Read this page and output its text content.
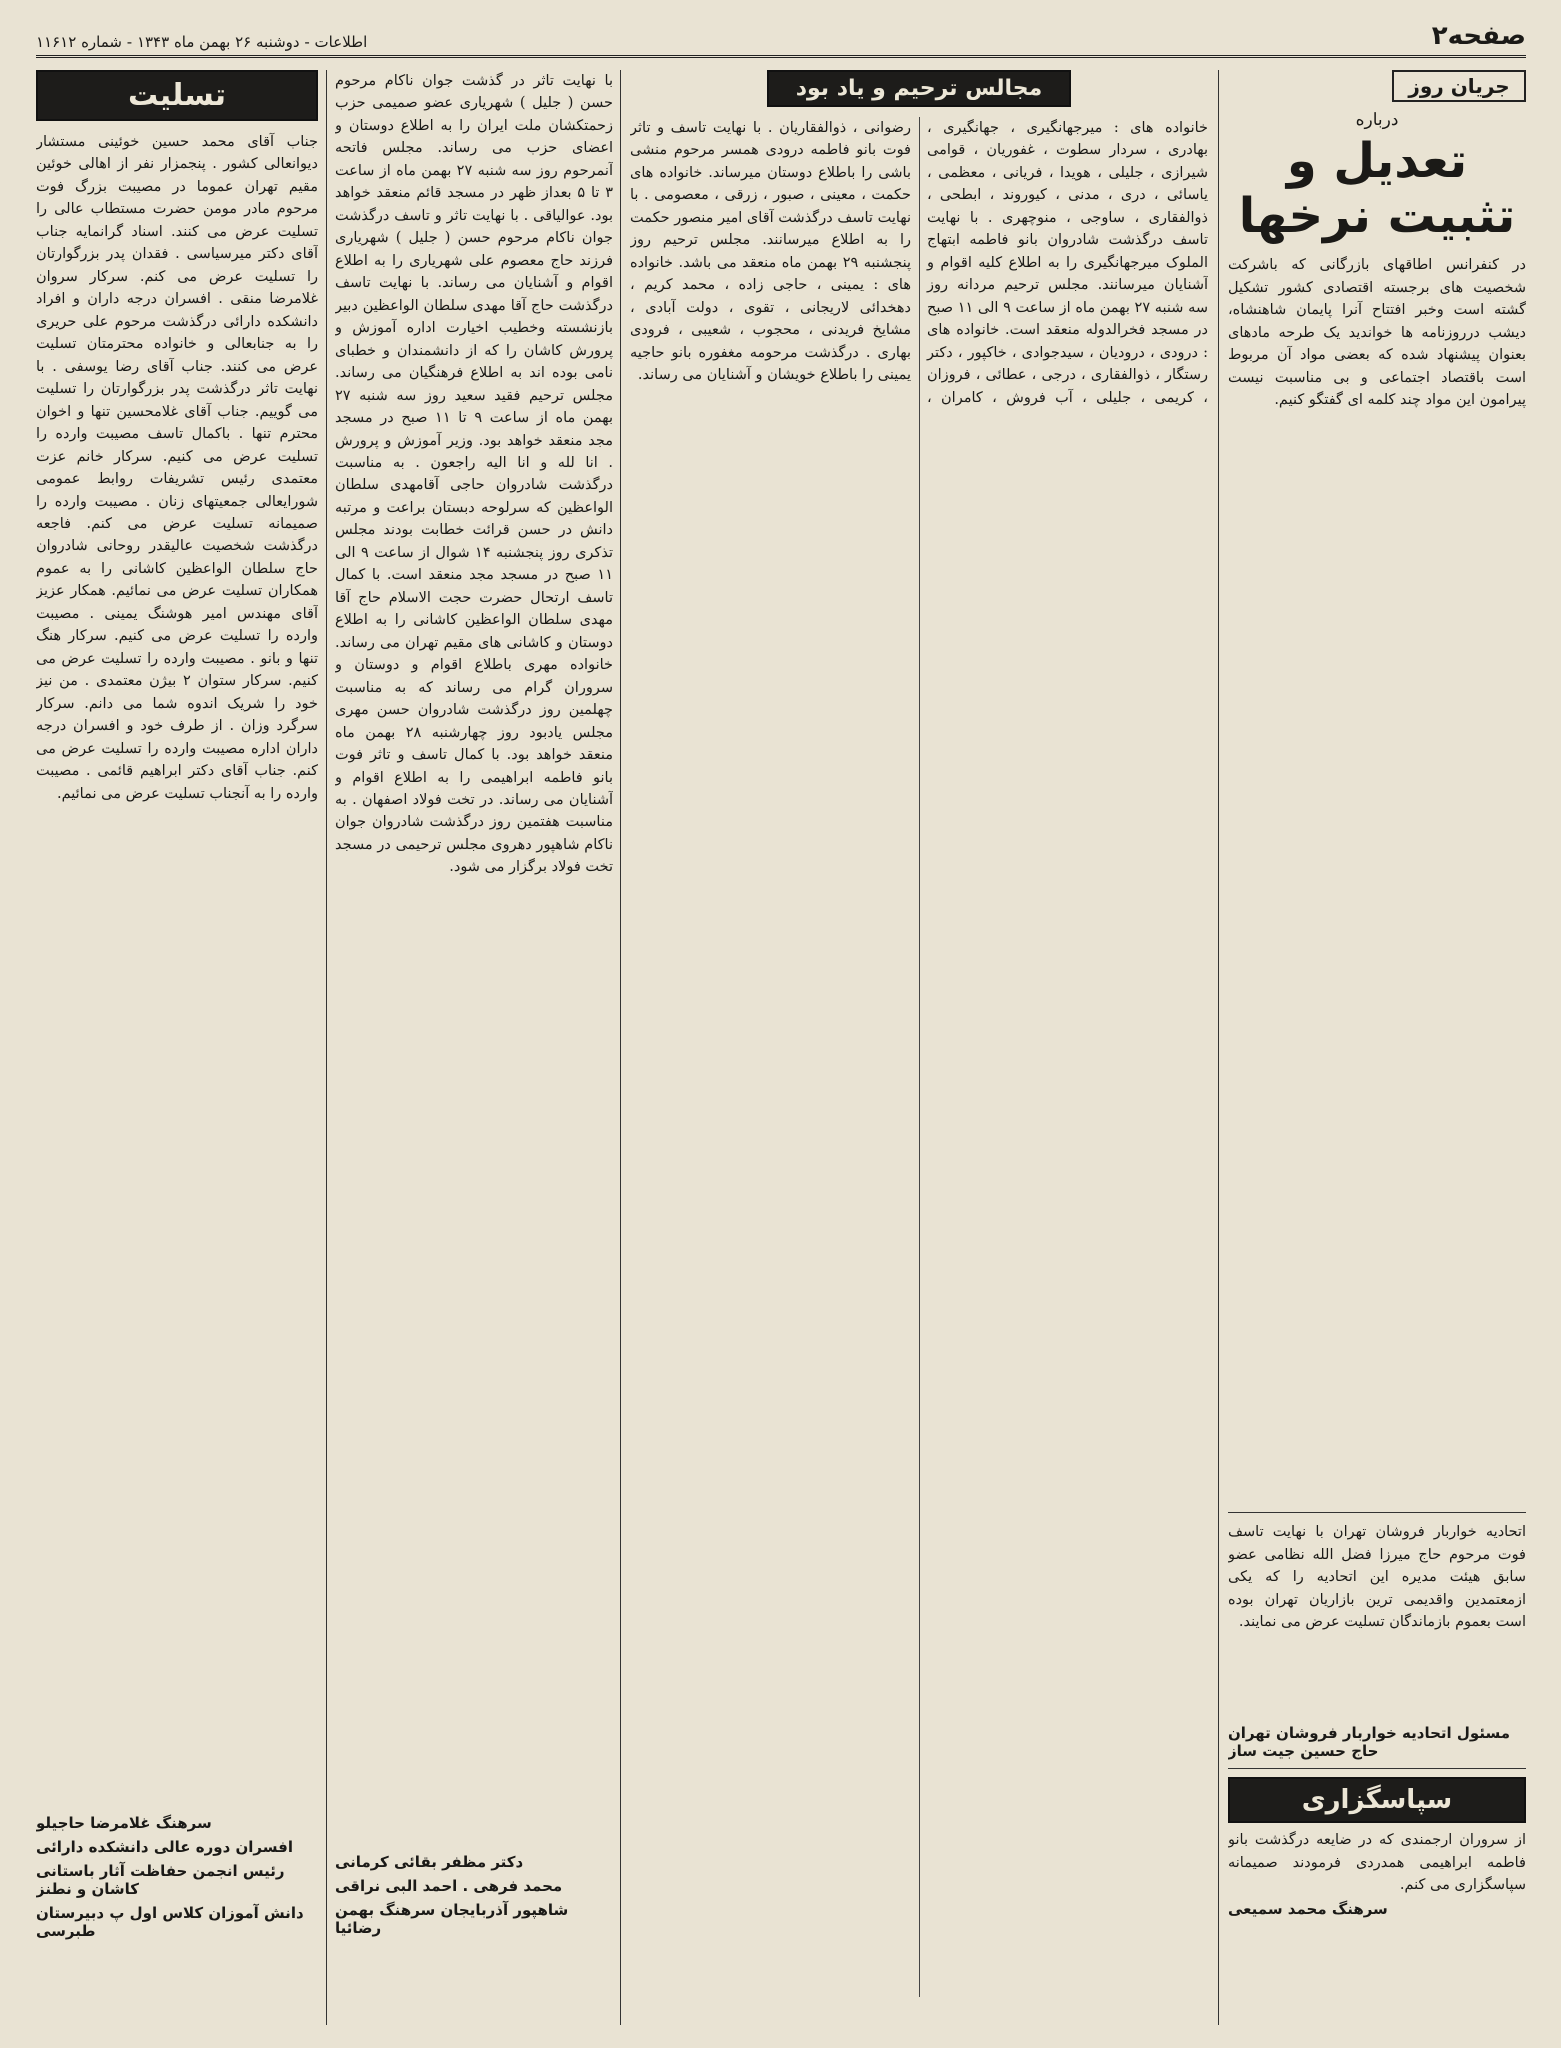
صفحه۲
اطلاعات - دوشنبه ۲۶ بهمن ماه ۱۳۴۳ - شماره ۱۱۶۱۲
جریان روز
درباره
تعدیل و تثبیت نرخها
در کنفرانس اطاقهای بازرگانی که باشرکت شخصیت های برجسته اقتصادی کشور تشکیل گشته است وخبر افتتاح آنرا پایمان شاهنشاه، دیشب درروزنامه ها خواندید یک طرحه مادهای بعنوان پیشنهاد شده که بعضی مواد آن مربوط است باقتصاد اجتماعی و بی مناسبت نیست پیرامون این مواد چند کلمه ای گفتگو کنیم.
اتحادیه خواربار فروشان تهران با نهایت تاسف فوت مرحوم حاج میرزا فضل الله نظامی عضو سابق هیئت مدیره این اتحادیه را که یکی ازمعتمدین واقدیمی ترین بازاریان تهران بوده است بعموم بازماندگان تسلیت عرض می نمایند.
مسئول اتحادیه خواربار فروشان تهران حاج حسین جیت ساز
سپاسگزاری
از سروران ارجمندی که در ضایعه درگذشت بانو فاطمه ابراهیمی همدردی فرمودند صمیمانه سپاسگزاری می کنم.
سرهنگ محمد سمیعی
مجالس ترحیم و یاد بود
خانواده های : میرجهانگیری ، جهانگیری ، بهادری ، سردار سطوت ، غفوریان ، قوامی شیرازی ، جلیلی ، هویدا ، فریانی ، معظمی ، یاسائی ، دری ، مدنی ، کیوروند ، ابطحی ، ذوالفقاری ، ساوجی ، منوچهری . با نهایت تاسف درگذشت شادروان بانو فاطمه ابتهاج الملوک میرجهانگیری را به اطلاع کلیه اقوام و آشنایان میرسانند. مجلس ترحیم مردانه روز سه شنبه ۲۷ بهمن ماه از ساعت ۹ الی ۱۱ صبح در مسجد فخرالدوله منعقد است. خانواده های : درودی ، درودیان ، سیدجوادی ، خاکپور ، دکتر رستگار ، ذوالفقاری ، درجی ، عطائی ، فروزان ، کریمی ، جلیلی ، آب فروش ، کامران ، رضوانی ، ذوالفقاریان . با نهایت تاسف و تاثر فوت بانو فاطمه درودی همسر مرحوم منشی باشی را باطلاع دوستان میرساند. خانواده های حکمت ، معینی ، صبور ، زرقی ، معصومی . با نهایت تاسف درگذشت آقای امیر منصور حکمت را به اطلاع میرسانند. مجلس ترحیم روز پنجشنبه ۲۹ بهمن ماه منعقد می باشد. خانواده های : یمینی ، حاجی زاده ، محمد کریم ، دهخدائی لاریجانی ، تقوی ، دولت آبادی ، مشایخ فریدنی ، محجوب ، شعیبی ، فرودی بهاری . درگذشت مرحومه مغفوره بانو حاجیه یمینی را باطلاع خویشان و آشنایان می رساند.
با نهایت تاثر در گذشت جوان ناکام مرحوم حسن ( جلیل ) شهریاری عضو صمیمی حزب زحمتکشان ملت ایران را به اطلاع دوستان و اعضای حزب می رساند. مجلس فاتحه آنمرحوم روز سه شنبه ۲۷ بهمن ماه از ساعت ۳ تا ۵ بعداز ظهر در مسجد قائم منعقد خواهد بود. عوالیاقی . با نهایت تاثر و تاسف درگذشت جوان ناکام مرحوم حسن ( جلیل ) شهریاری فرزند حاج معصوم علی شهریاری را به اطلاع اقوام و آشنایان می رساند. با نهایت تاسف درگذشت حاج آقا مهدی سلطان الواعظین دبیر بازنشسته وخطیب اخیارت اداره آموزش و پرورش کاشان را که از دانشمندان و خطبای نامی بوده اند به اطلاع فرهنگیان می رساند. مجلس ترحیم فقید سعید روز سه شنبه ۲۷ بهمن ماه از ساعت ۹ تا ۱۱ صبح در مسجد مجد منعقد خواهد بود. وزیر آموزش و پرورش . انا لله و انا الیه راجعون . به مناسبت درگذشت شادروان حاجی آقامهدی سلطان الواعظین که سرلوحه دبستان براعت و مرتبه دانش در حسن قرائت خطابت بودند مجلس تذکری روز پنجشنبه ۱۴ شوال از ساعت ۹ الی ۱۱ صبح در مسجد مجد منعقد است. با کمال تاسف ارتحال حضرت حجت الاسلام حاج آقا مهدی سلطان الواعظین کاشانی را به اطلاع دوستان و کاشانی های مقیم تهران می رساند. خانواده مهری باطلاع اقوام و دوستان و سروران گرام می رساند که به مناسبت چهلمین روز درگذشت شادروان حسن مهری مجلس یادبود روز چهارشنبه ۲۸ بهمن ماه منعقد خواهد بود. با کمال تاسف و تاثر فوت بانو فاطمه ابراهیمی را به اطلاع اقوام و آشنایان می رساند. در تخت فولاد اصفهان . به مناسبت هفتمین روز درگذشت شادروان جوان ناکام شاهپور دهروی مجلس ترحیمی در مسجد تخت فولاد برگزار می شود.
دکتر مظفر بقائی کرمانی
محمد فرهی . احمد البی نراقی
شاهپور آذربایجان سرهنگ بهمن رضائیا
تسلیت
جناب آقای محمد حسین خوئینی مستشار دیوانعالی کشور . پنجمزار نفر از اهالی خوئین مقیم تهران عموما در مصیبت بزرگ فوت مرحوم مادر مومن حضرت مستطاب عالی را تسلیت عرض می کنند. اسناد گرانمایه جناب آقای دکتر میرسیاسی . فقدان پدر بزرگوارتان را تسلیت عرض می کنم. سرکار سروان غلامرضا منقی . افسران درجه داران و افراد دانشکده دارائی درگذشت مرحوم علی حریری را به جنابعالی و خانواده محترمتان تسلیت عرض می کنند. جناب آقای رضا یوسفی . با نهایت تاثر درگذشت پدر بزرگوارتان را تسلیت می گوییم. جناب آقای غلامحسین تنها و اخوان محترم تنها . باکمال تاسف مصیبت وارده را تسلیت عرض می کنیم. سرکار خانم عزت معتمدی رئیس تشریفات روابط عمومی شورایعالی جمعیتهای زنان . مصیبت وارده را صمیمانه تسلیت عرض می کنم. فاجعه درگذشت شخصیت عالیقدر روحانی شادروان حاج سلطان الواعظین کاشانی را به عموم همکاران تسلیت عرض می نمائیم. همکار عزیز آقای مهندس امیر هوشنگ یمینی . مصیبت وارده را تسلیت عرض می کنیم. سرکار هنگ تنها و بانو . مصیبت وارده را تسلیت عرض می کنیم. سرکار ستوان ۲ بیژن معتمدی . من نیز خود را شریک اندوه شما می دانم. سرکار سرگرد وزان . از طرف خود و افسران درجه داران اداره مصیبت وارده را تسلیت عرض می کنم. جناب آقای دکتر ابراهیم قائمی . مصیبت وارده را به آنجناب تسلیت عرض می نمائیم.
سرهنگ غلامرضا حاجیلو
افسران دوره عالی دانشکده دارائی
رئیس انجمن حفاظت آثار باستانی کاشان و نطنز
دانش آموزان کلاس اول پ دبیرستان طبرسی
